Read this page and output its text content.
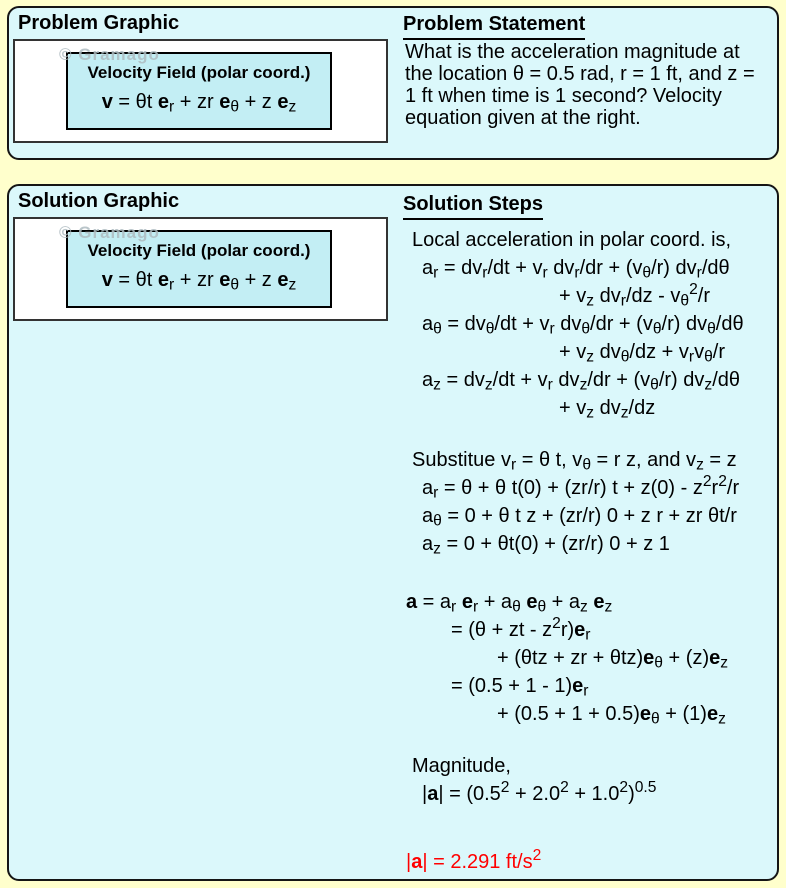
Problem Graphic
Velocity Field (polar coord.)
v = θt $e_r$ + zr $e_\theta + z$ $e_z$
© Gramago
Problem Statement
What is the acceleration magnitude at
the location θ = 0.5 rad, r = 1 ft, and z =
1 ft when time is 1 second? Velocity
equation given at the right.
Solution Graphic
Velocity Field (polar coord.)
v = θt $e_r$ + zr $e_\theta + z$ $e_z$
© Gramago
Solution Steps
Local acceleration in polar coord. is,
$a_r = dv_r/dt + v_r$ $dv_r/dr + (v_\theta/r)$ $dv_r/d\theta$
+ $v_z$ $dv_r/dz - v_\theta^2/r$
$a_\theta = dv_\theta/dt + v_r$ $dv_\theta/dr + (v_\theta/r)$ $dv_\theta/d\theta$
+ $v_z$ $dv_\theta/dz + v_rv_\theta/r$
$a_z = dv_z/dt + v_r$ $dv_z/dr + (v_\theta/r)$ $dv_z/d\theta$
+ $v_z$ $dv_z/dz$
Substitue $v_r = \theta$ t, $v_\theta = r$ z, and $v_z = z$
$a_r = \theta + \theta$ t(0) + (zr/r) $t + z(0) - z^2r^2/r$
$a_\theta = 0 + \theta$ t z + (zr/r) 0 + z r + zr θt/r
$a_z = 0 + \theta t(0) + (zr/r) 0 + z$ 1
$a = a_r$ $e_r + a_\theta$ $e_\theta + a_z$ $e_z$
= (θ + zt - $z^2r)e_r$
+ (θtz + zr + $\theta tz)e_\theta + (z)e_z$
= $(0.5 + 1 - 1)e_r$
+ $(0.5 + 1 + 0.5)e_\theta + (1)e_z$
Magnitude,
$|a| = (0.5^2 + 2.0^2 + 1.0^2)^{0.5}$
|a| = 2.291 $ft/s^2$
